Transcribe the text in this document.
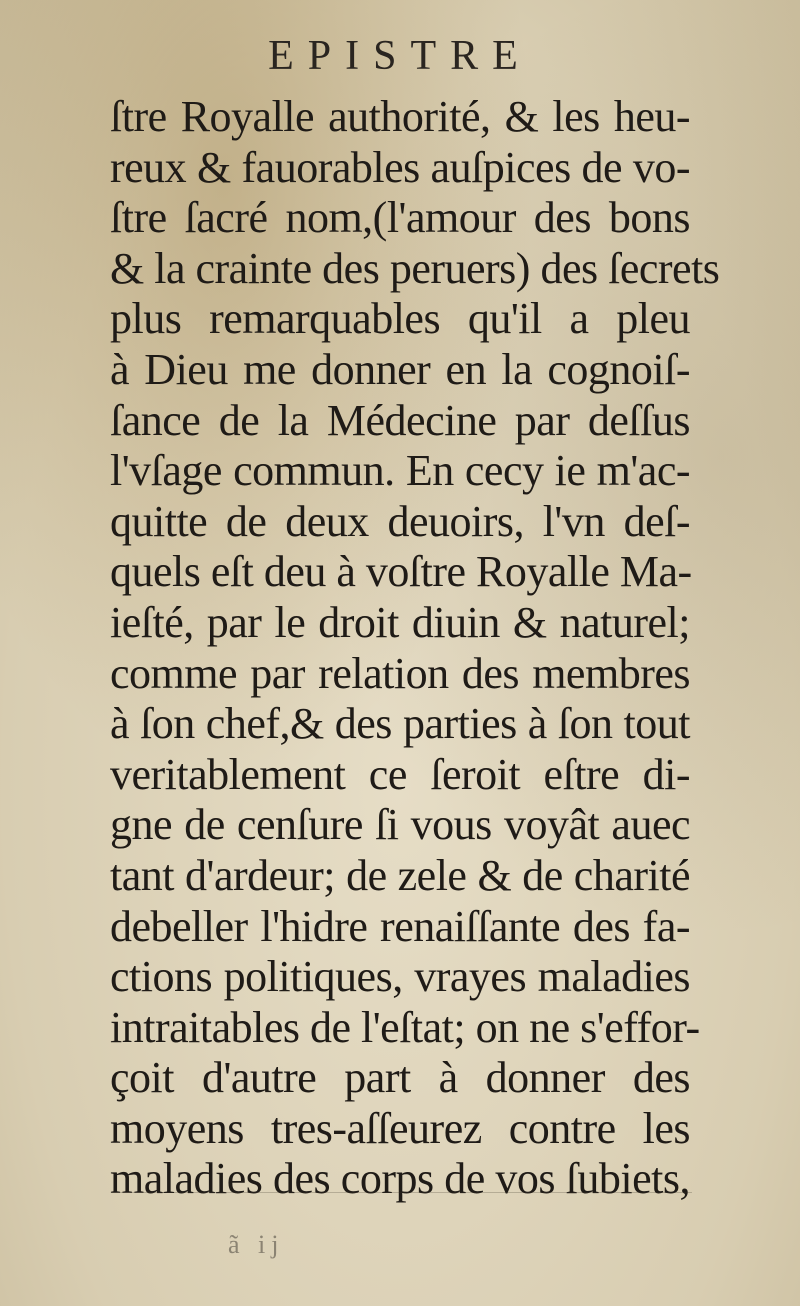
EPISTRE
ſtre Royalle authorité, & les heu-
reux & fauorables auſpices de vo-
ſtre ſacré nom,(l'amour des bons
& la crainte des peruers) des ſecrets
plus remarquables qu'il a pleu
à Dieu me donner en la cognoiſ-
ſance de la Médecine par deſſus
l'vſage commun. En cecy ie m'ac-
quitte de deux deuoirs, l'vn deſ-
quels eſt deu à voſtre Royalle Ma-
ieſté, par le droit diuin & naturel;
comme par relation des membres
à ſon chef,& des parties à ſon tout
veritablement ce ſeroit eſtre di-
gne de cenſure ſi vous voyât auec
tant d'ardeur; de zele & de charité
debeller l'hidre renaiſſante des fa-
ctions politiques, vrayes maladies
intraitables de l'eſtat; on ne s'effor-
çoit d'autre part à donner des
moyens tres-aſſeurez contre les
maladies des corps de vos ſubiets,
ã ij
